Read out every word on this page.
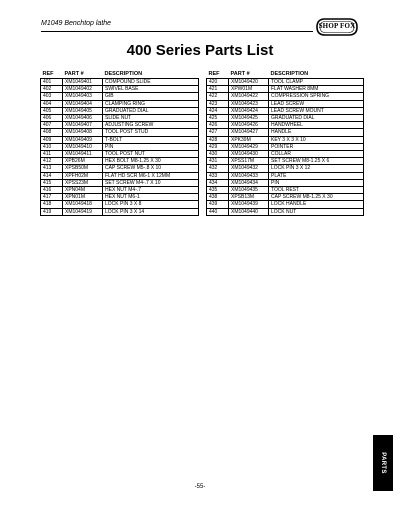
M1049 Benchtop lathe	SHOP FOX
400 Series Parts List
REF	PART #	DESCRIPTION
401	XM1049401	COMPOUND SLIDE
402	XM1049402	SWIVEL BASE
403	XM1049403	GIB
404	XM1049404	CLAMPING RING
405	XM1049405	GRADUATED DIAL
406	XM1049406	SLIDE NUT
407	XM1049407	ADJUSTING SCREW
408	XM1049408	TOOL POST STUD
409	XM1049409	T-BOLT
410	XM1049410	PIN
411	XM1049411	TOOL POST NUT
412	XPB26M	HEX BOLT M8-1.25 X 30
413	XPSB50M	CAP SCREW M5-.8 X 10
414	XPFH02M	FLAT HD SCR M6-1 X 12MM
415	XPSS23M	SET SCREW M4-.7 X 10
416	XPN04M	HEX NUT M4-.7
417	XPN01M	HEX NUT M6-1
418	XM1049418	LOCK PIN 3 X 8
419	XM1049419	LOCK PIN 3 X 14
REF	PART #	DESCRIPTION
420	XM1049420	TOOL CLAMP
421	XPW01M	FLAT WASHER 8MM
422	XM1049422	COMPRESSION SPRING
423	XM1049423	LEAD SCREW
424	XM1049424	LEAD SCREW MOUNT
425	XM1049425	GRADUATED DIAL
426	XM1049426	HANDWHEEL
427	XM1049427	HANDLE
428	XPK39M	KEY 3 X 3 X 10
429	XM1049429	POINTER
430	XM1049430	COLLAR
431	XPSS17M	SET SCREW M8-1.25 X 6
432	XM1049432	LOCK PIN 3 X 12
433	XM1049433	PLATE
434	XM1049434	PIN
435	XM1049435	TOOL REST
438	XPSB13M	CAP SCREW M8-1.25 X 30
439	XM1049439	LOCK HANDLE
440	XM1049440	LOCK NUT
PARTS
-55-
